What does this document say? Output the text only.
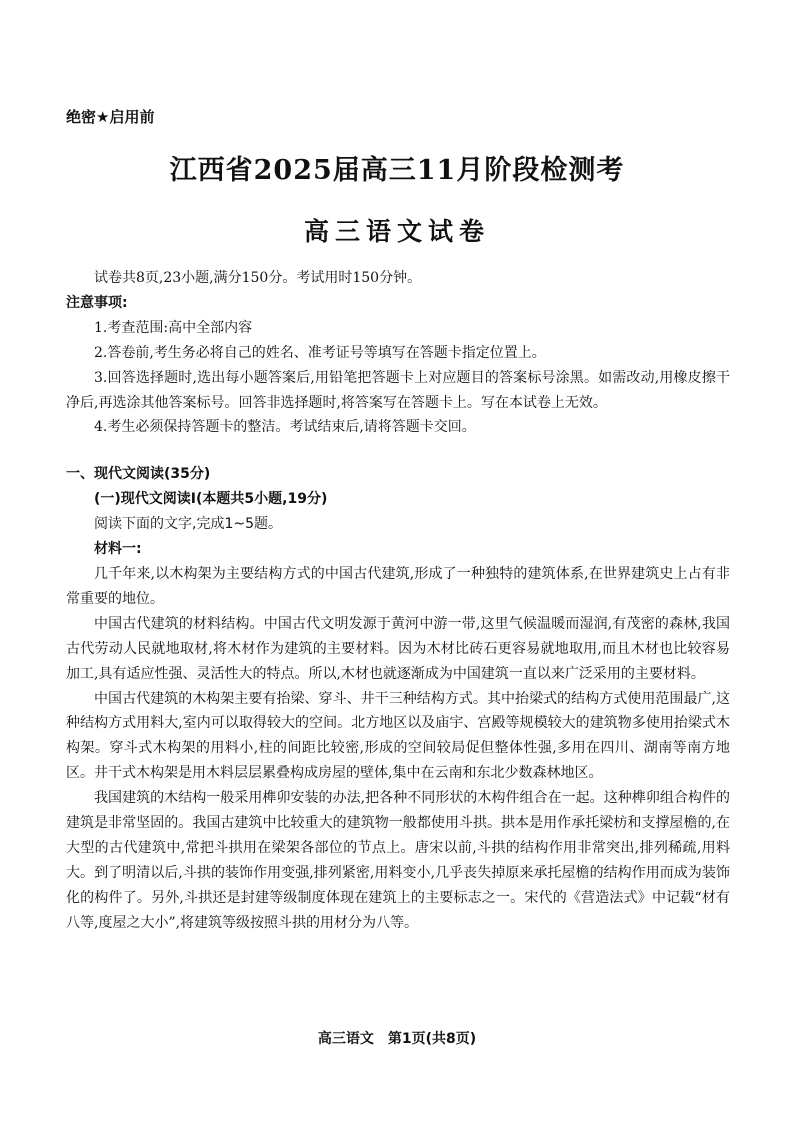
绝密★启用前
江西省2025届高三11月阶段检测考
高三语文试卷

试卷共8页,23小题,满分150分。考试用时150分钟。

注意事项:

1.考查范围:高中全部内容

2.答卷前,考生务必将自己的姓名、准考证号等填写在答题卡指定位置上。

3.回答选择题时,选出每小题答案后,用铅笔把答题卡上对应题目的答案标号涂黑。如需改动,用橡皮擦干净后,再选涂其他答案标号。回答非选择题时,将答案写在答题卡上。写在本试卷上无效。

4.考生必须保持答题卡的整洁。考试结束后,请将答题卡交回。

一、现代文阅读(35分)

(一)现代文阅读Ⅰ(本题共5小题,19分)

阅读下面的文字,完成1~5题。

材料一:

几千年来,以木构架为主要结构方式的中国古代建筑,形成了一种独特的建筑体系,在世界建筑史上占有非常重要的地位。

中国古代建筑的材料结构。中国古代文明发源于黄河中游一带,这里气候温暖而湿润,有茂密的森林,我国古代劳动人民就地取材,将木材作为建筑的主要材料。因为木材比砖石更容易就地取用,而且木材也比较容易加工,具有适应性强、灵活性大的特点。所以,木材也就逐渐成为中国建筑一直以来广泛采用的主要材料。

中国古代建筑的木构架主要有抬梁、穿斗、井干三种结构方式。其中抬梁式的结构方式使用范围最广,这种结构方式用料大,室内可以取得较大的空间。北方地区以及庙宇、宫殿等规模较大的建筑物多使用抬梁式木构架。穿斗式木构架的用料小,柱的间距比较密,形成的空间较局促但整体性强,多用在四川、湖南等南方地区。井干式木构架是用木料层层累叠构成房屋的壁体,集中在云南和东北少数森林地区。

我国建筑的木结构一般采用榫卯安装的办法,把各种不同形状的木构件组合在一起。这种榫卯组合构件的建筑是非常坚固的。我国古建筑中比较重大的建筑物一般都使用斗拱。拱本是用作承托梁枋和支撑屋檐的,在大型的古代建筑中,常把斗拱用在梁架各部位的节点上。唐宋以前,斗拱的结构作用非常突出,排列稀疏,用料大。到了明清以后,斗拱的装饰作用变强,排列紧密,用料变小,几乎丧失掉原来承托屋檐的结构作用而成为装饰化的构件了。另外,斗拱还是封建等级制度体现在建筑上的主要标志之一。宋代的《营造法式》中记载“材有八等,度屋之大小”,将建筑等级按照斗拱的用材分为八等。

高三语文　第1页(共8页)
